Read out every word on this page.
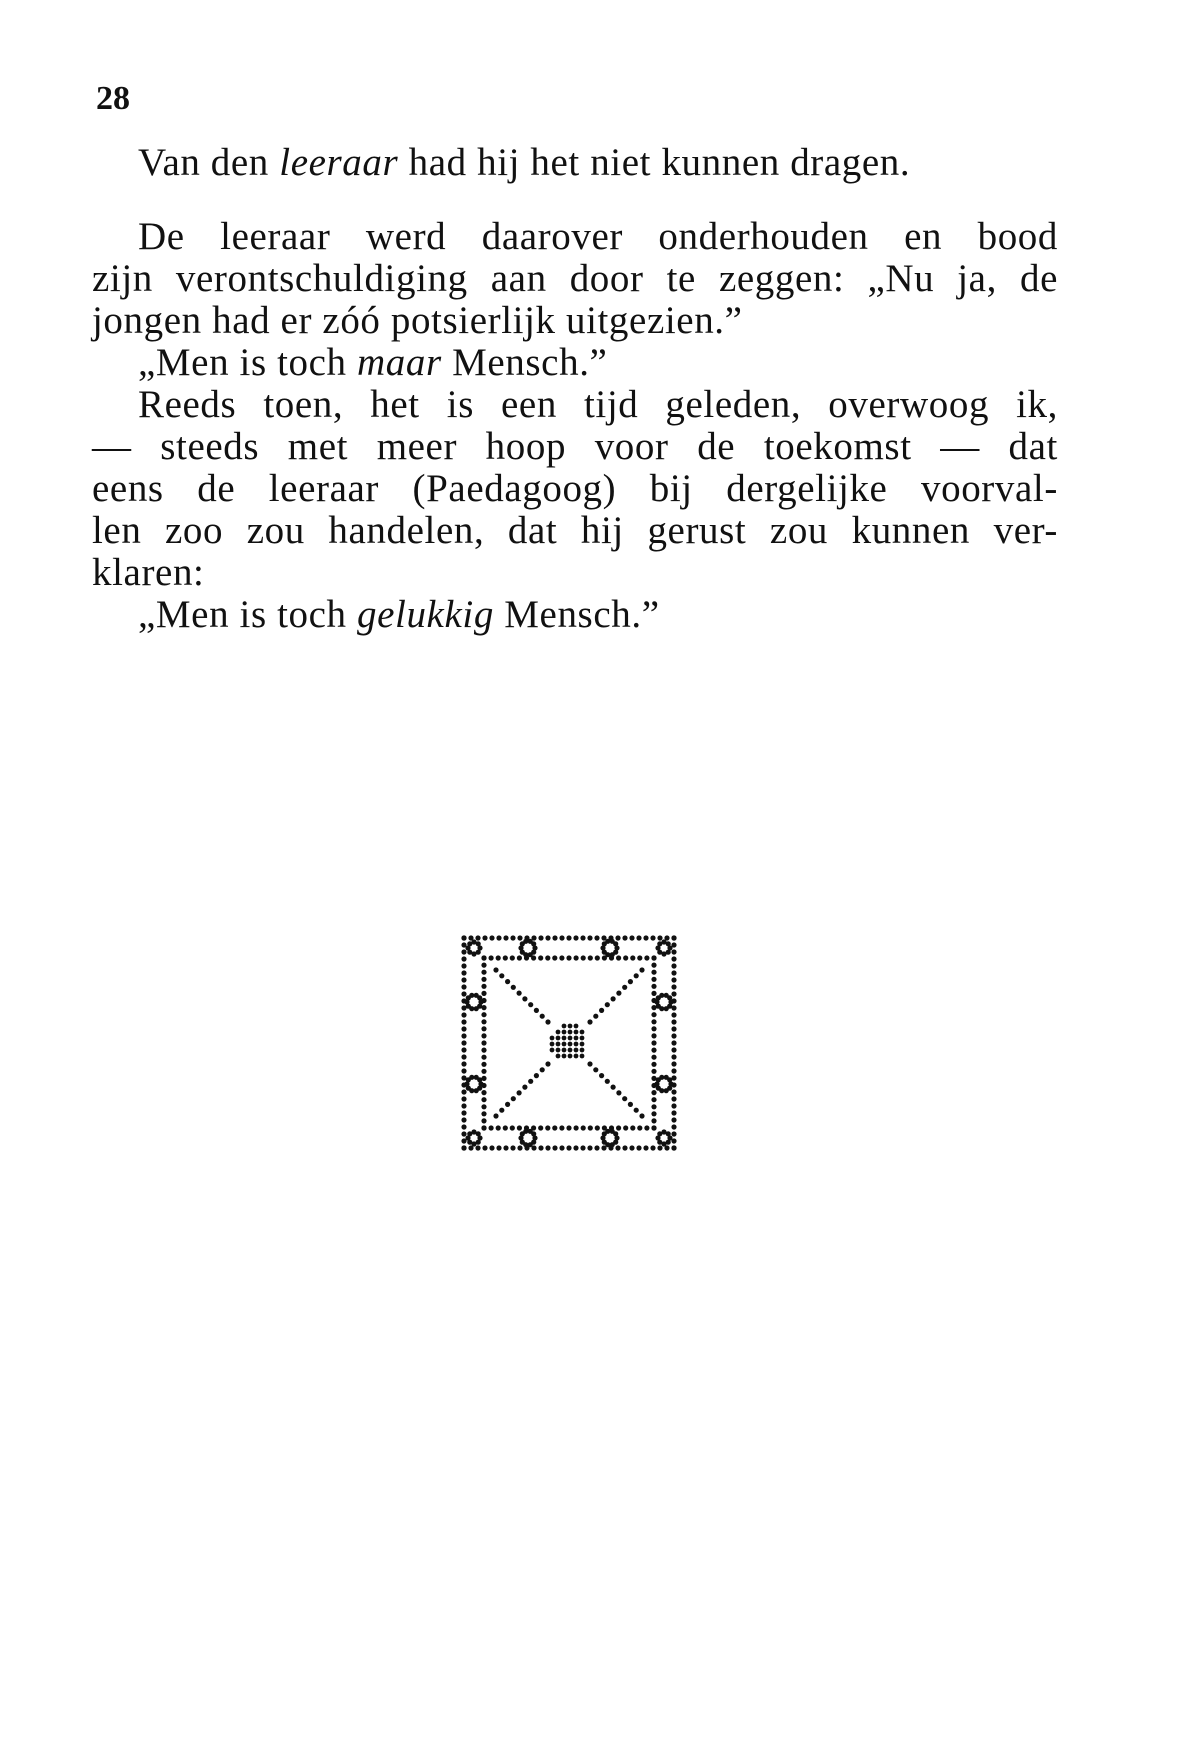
28
Van den leeraar had hij het niet kunnen dragen.
De leeraar werd daarover onderhouden en bood
zijn verontschuldiging aan door te zeggen: „Nu ja, de
jongen had er zóó potsierlijk uitgezien.”
„Men is toch maar Mensch.”
Reeds toen, het is een tijd geleden, overwoog ik,
— steeds met meer hoop voor de toekomst — dat
eens de leeraar (Paedagoog) bij dergelijke voorval-
len zoo zou handelen, dat hij gerust zou kunnen ver-
klaren:
„Men is toch gelukkig Mensch.”
